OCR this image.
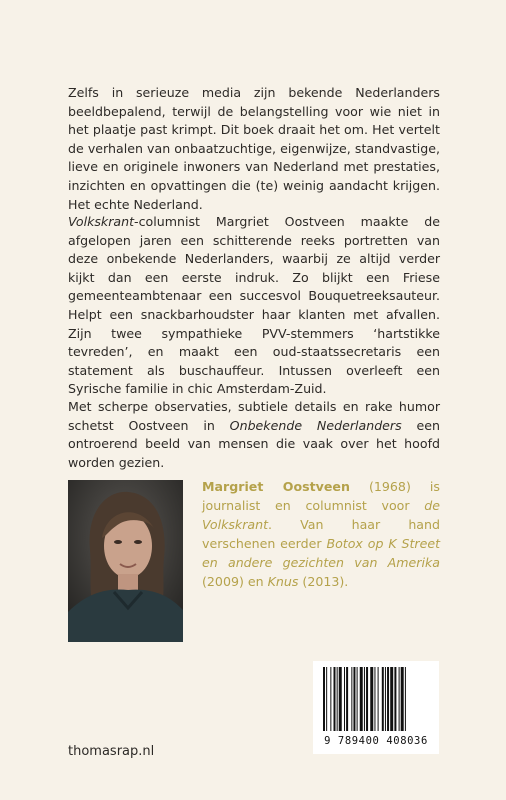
Zelfs in serieuze media zijn bekende Nederlanders beeldbepalend, terwijl de belangstelling voor wie niet in het plaatje past krimpt. Dit boek draait het om. Het vertelt de verhalen van onbaatzuchtige, eigenwijze, standvastige, lieve en originele inwoners van Nederland met prestaties, inzichten en opvattingen die (te) weinig aandacht krijgen. Het echte Nederland.

Volkskrant-columnist Margriet Oostveen maakte de afgelopen jaren een schitterende reeks portretten van deze onbekende Nederlanders, waarbij ze altijd verder kijkt dan een eerste indruk. Zo blijkt een Friese gemeenteambtenaar een succesvol Bouquetreeksauteur. Helpt een snackbarhoudster haar klanten met afvallen. Zijn twee sympathieke PVV-stemmers ‘hartstikke tevreden’, en maakt een oud-staatssecretaris een statement als buschauffeur. Intussen overleeft een Syrische familie in chic Amsterdam-Zuid.

Met scherpe observaties, subtiele details en rake humor schetst Oostveen in Onbekende Nederlanders een ontroerend beeld van mensen die vaak over het hoofd worden gezien.

Margriet Oostveen (1968) is journalist en columnist voor de Volkskrant. Van haar hand verschenen eerder Botox op K Street en andere gezichten van Amerika (2009) en Knus (2013).

9 789400 408036
thomasrap.nl
